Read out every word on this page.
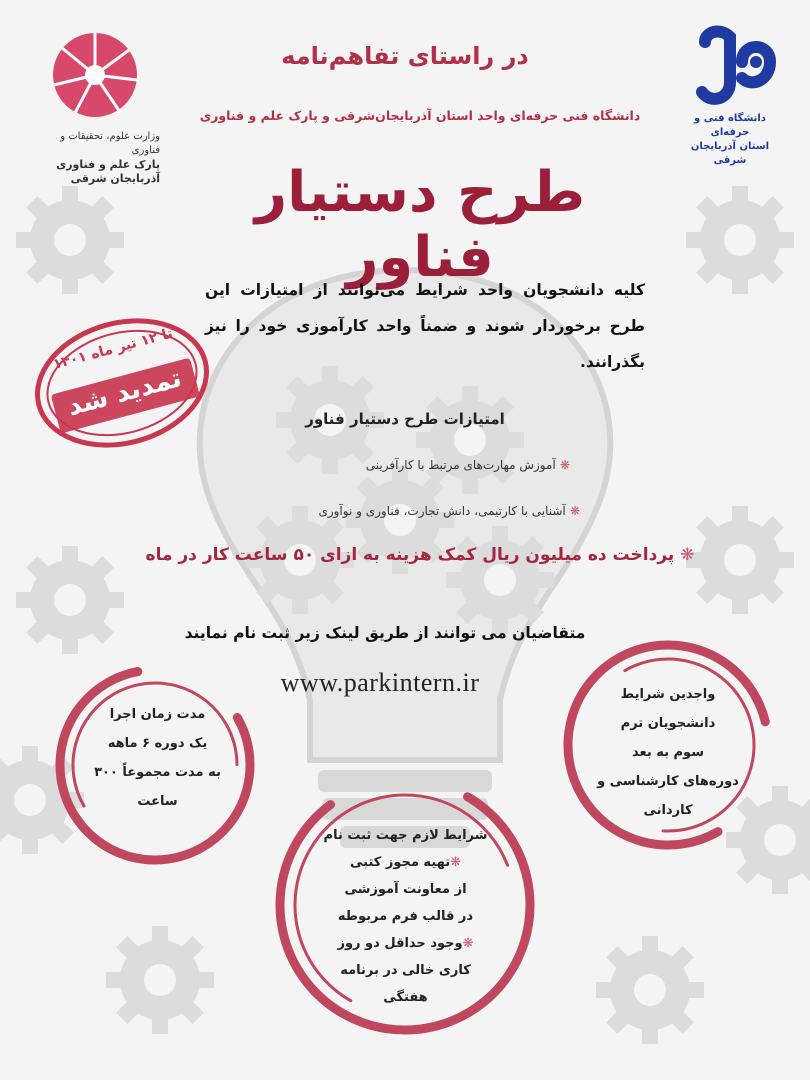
وزارت علوم، تحقیقات و فناوری
پارک علم و فناوری آذربایجان شرقی
دانشگاه فنی و حرفه‌ای
استان آذربایجان شرقی
در راستای تفاهم‌نامه
دانشگاه فنی حرفه‌ای واحد استان آذربایجان‌شرقی و پارک علم و فناوری
طرح دستیار فناور
تا ۱۲ تیر ماه ۱۴۰۱
تمدید شد
کلیه دانشجویان واحد شرایط می‌توانند از امتیازات این طرح برخوردار شوند و ضمناً واحد کارآموزی خود را نیز بگذرانند.
امتیازات طرح دستیار فناور
❋ آموزش مهارت‌های مرتبط با کارآفرینی
❋ آشنایی با کارتیمی، دانش تجارت، فناوری و نوآوری
❋ پرداخت ده میلیون ریال کمک هزینه به ازای ۵۰ ساعت کار در ماه
متقاضیان می توانند از طریق لینک زیر ثبت نام نمایند
www.parkintern.ir
مدت زمان اجرا
یک دوره ۶ ماهه
به مدت مجموعاً ۳۰۰
ساعت
شرایط لازم جهت ثبت نام
❋تهیه مجوز کتبی
از معاونت آموزشی
در قالب فرم مربوطه
❋وجود حداقل دو روز
کاری خالی در برنامه
هفتگی
واجدین شرایط
دانشجویان ترم
سوم به بعد
دوره‌های کارشناسی و
کاردانی
